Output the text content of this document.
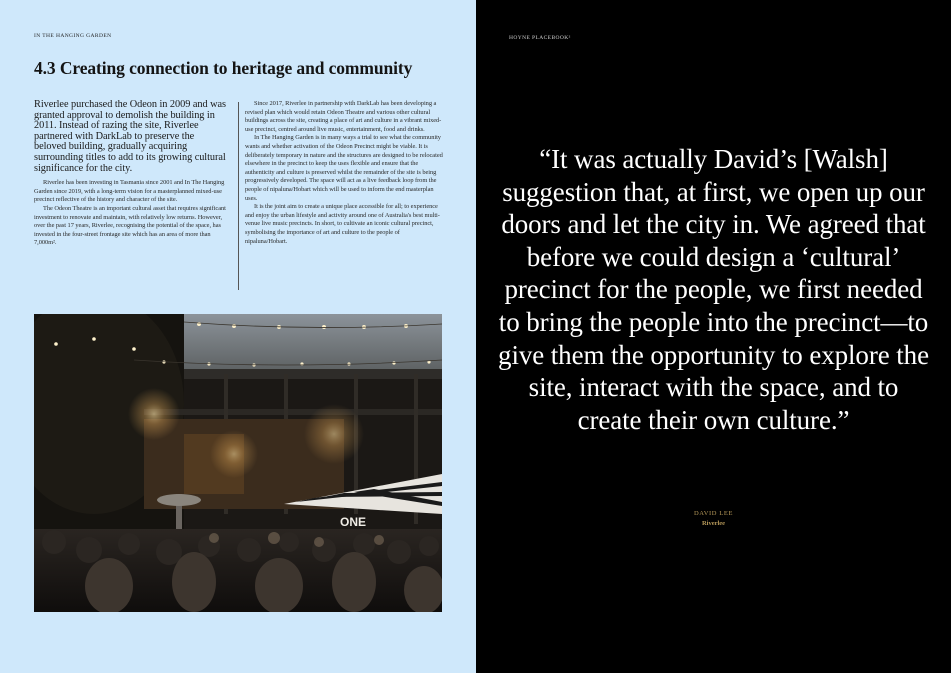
IN THE HANGING GARDEN
4.3 Creating connection to heritage and community

Riverlee purchased the Odeon in 2009 and was granted approval to demolish the building in 2011. Instead of razing the site, Riverlee partnered with DarkLab to preserve the beloved building, gradually acquiring surrounding titles to add to its growing cultural significance for the city.

Riverlee has been investing in Tasmania since 2001 and In The Hanging Garden since 2019, with a long-term vision for a masterplanned mixed-use precinct reflective of the history and character of the site.

The Odeon Theatre is an important cultural asset that requires significant investment to renovate and maintain, with relatively low returns. However, over the past 17 years, Riverlee, recognising the potential of the space, has invested in the four-street frontage site which has an area of more than 7,000m².

Since 2017, Riverlee in partnership with DarkLab has been developing a revised plan which would retain Odeon Theatre and various other cultural buildings across the site, creating a place of art and culture in a vibrant mixed-use precinct, centred around live music, entertainment, food and drinks.

In The Hanging Garden is in many ways a trial to see what the community wants and whether activation of the Odeon Precinct might be viable. It is deliberately temporary in nature and the structures are designed to be relocated elsewhere in the precinct to keep the uses flexible and ensure that the authenticity and culture is preserved whilst the remainder of the site is being progressively developed. The space will act as a live feedback loop from the people of nipaluna/Hobart which will be used to inform the end masterplan uses.

It is the joint aim to create a unique place accessible for all; to experience and enjoy the urban lifestyle and activity around one of Australia's best multi-venue live music precincts. In short, to cultivate an iconic cultural precinct, symbolising the importance of art and culture to the people of nipaluna/Hobart.

ONE
HOYNE PLACEBOOK²
“It was actually David’s [Walsh] suggestion that, at first, we open up our doors and let the city in. We agreed that before we could design a ‘cultural’ precinct for the people, we first needed to bring the people into the precinct—to give them the opportunity to explore the site, interact with the space, and to create their own culture.”
DAVID LEE
Riverlee
